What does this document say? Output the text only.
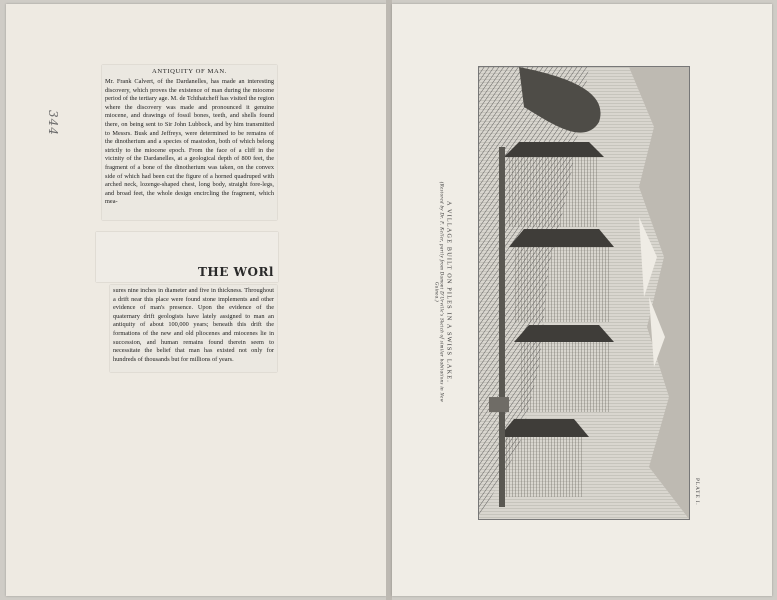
344
ANTIQUITY OF MAN.
Mr. Frank Calvert, of the Dardanelles, has made an interesting discovery, which proves the existence of man during the miocene period of the tertiary age. M. de Tchihatcheff has visited the region where the discovery was made and pronounced it genuine miocene, and drawings of fossil bones, teeth, and shells found there, on being sent to Sir John Lubbock, and by him transmitted to Messrs. Busk and Jeffreys, were determined to be remains of the dinotherium and a species of mastodon, both of which belong strictly to the miocene epoch. From the face of a cliff in the vicinity of the Dardanelles, at a geological depth of 800 feet, the fragment of a bone of the dinotherium was taken, on the convex side of which had been cut the figure of a horned quadruped with arched neck, lozenge-shaped chest, long body, straight fore-legs, and broad feet, the whole design encircling the fragment, which mea-
THE WORl
sures nine inches in diameter and five in thickness. Throughout a drift near this place were found stone implements and other evidence of man's presence. Upon the evidence of the quaternary drift geologists have lately assigned to man an antiquity of about 100,000 years; beneath this drift the formations of the new and old pliocenes and miocenes lie in succession, and human remains found therein seem to necessitate the belief that man has existed not only for hundreds of thousands but for millions of years.	A VILLAGE BUILT ON PILES IN A SWISS LAKE.
(Restored by Dr. F. Keller, partly from Dumont D'Urville's Sketch of similar habitations in New Guinea.)
PLATE I.
